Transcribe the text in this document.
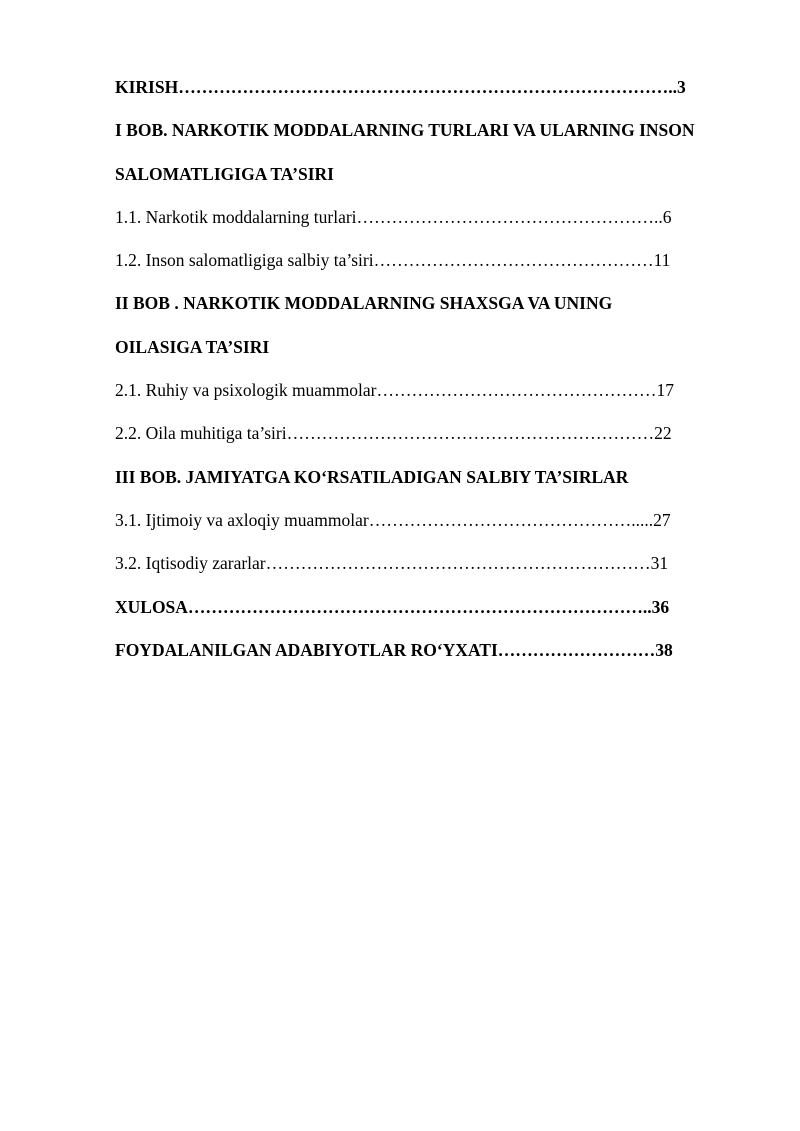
KIRISH…………………………………………………………………………..3
I BOB. NARKOTIK MODDALARNING TURLARI VA ULARNING INSON
SALOMATLIGIGA TA’SIRI
1.1. Narkotik moddalarning turlari……………………………………………..6
1.2. Inson salomatligiga salbiy ta’siri…………………………………………11
II BOB . NARKOTIK MODDALARNING SHAXSGA VA UNING
OILASIGA TA’SIRI
2.1. Ruhiy va psixologik muammolar…………………………………………17
2.2. Oila muhitiga ta’siri………………………………………………………22
III BOB. JAMIYATGA KO‘RSATILADIGAN SALBIY TA’SIRLAR
3.1. Ijtimoiy va axloqiy muammolar……………………………………….....27
3.2. Iqtisodiy zararlar…………………………………………………………31
XULOSA……………………………………………………………………..36
FOYDALANILGAN ADABIYOTLAR RO‘YXATI………………………38
